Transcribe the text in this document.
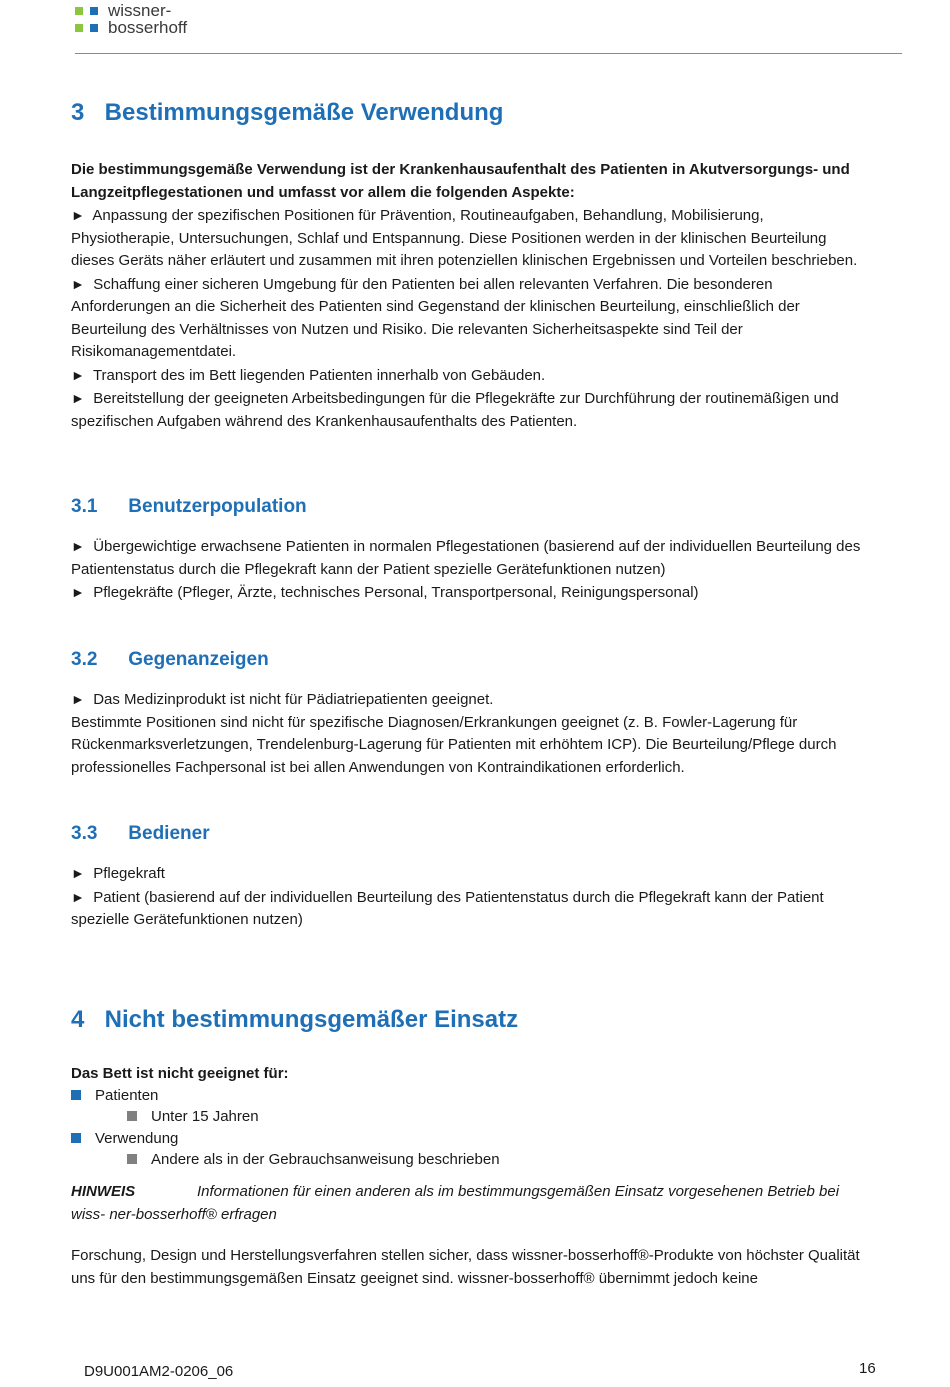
wissner-
bosserhoff
3 Bestimmungsgemäße Verwendung
Die bestimmungsgemäße Verwendung ist der Krankenhausaufenthalt des Patienten in Akutversorgungs- und Langzeitpflegestationen und umfasst vor allem die folgenden Aspekte:
► Anpassung der spezifischen Positionen für Prävention, Routineaufgaben, Behandlung, Mobilisierung, Physiotherapie, Untersuchungen, Schlaf und Entspannung. Diese Positionen werden in der klinischen Beurteilung dieses Geräts näher erläutert und zusammen mit ihren potenziellen klinischen Ergebnissen und Vorteilen beschrieben.
► Schaffung einer sicheren Umgebung für den Patienten bei allen relevanten Verfahren. Die besonderen Anforderungen an die Sicherheit des Patienten sind Gegenstand der klinischen Beurteilung, einschließlich der Beurteilung des Verhältnisses von Nutzen und Risiko. Die relevanten Sicherheitsaspekte sind Teil der Risikomanagementdatei.
► Transport des im Bett liegenden Patienten innerhalb von Gebäuden.
► Bereitstellung der geeigneten Arbeitsbedingungen für die Pflegekräfte zur Durchführung der routinemäßigen und spezifischen Aufgaben während des Krankenhausaufenthalts des Patienten.
3.1 Benutzerpopulation
► Übergewichtige erwachsene Patienten in normalen Pflegestationen (basierend auf der individuellen Beurteilung des Patientenstatus durch die Pflegekraft kann der Patient spezielle Gerätefunktionen nutzen)
► Pflegekräfte (Pfleger, Ärzte, technisches Personal, Transportpersonal, Reinigungspersonal)
3.2 Gegenanzeigen
► Das Medizinprodukt ist nicht für Pädiatriepatienten geeignet.
Bestimmte Positionen sind nicht für spezifische Diagnosen/Erkrankungen geeignet (z. B. Fowler-Lagerung für Rückenmarksverletzungen, Trendelenburg-Lagerung für Patienten mit erhöhtem ICP). Die Beurteilung/Pflege durch professionelles Fachpersonal ist bei allen Anwendungen von Kontraindikationen erforderlich.
3.3 Bediener
► Pflegekraft
► Patient (basierend auf der individuellen Beurteilung des Patientenstatus durch die Pflegekraft kann der Patient spezielle Gerätefunktionen nutzen)
4 Nicht bestimmungsgemäßer Einsatz
Das Bett ist nicht geeignet für:
Patienten
Unter 15 Jahren
Verwendung
Andere als in der Gebrauchsanweisung beschrieben
HINWEIS	Informationen für einen anderen als im bestimmungsgemäßen Einsatz vorgesehenen Betrieb bei wiss- ner-bosserhoff® erfragen
Forschung, Design und Herstellungsverfahren stellen sicher, dass wissner-bosserhoff®-Produkte von höchster Qualität uns für den bestimmungsgemäßen Einsatz geeignet sind. wissner-bosserhoff® übernimmt jedoch keine
D9U001AM2-0206_06	16
